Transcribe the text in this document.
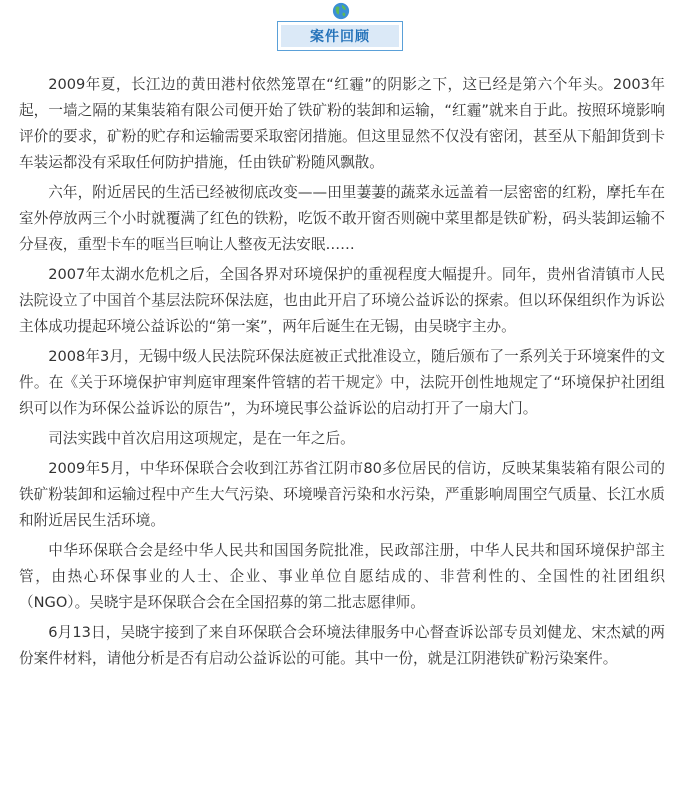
案件回顾

2009年夏，长江边的黄田港村依然笼罩在“红霾”的阴影之下，这已经是第六个年头。2003年起，一墙之隔的某集装箱有限公司便开始了铁矿粉的装卸和运输，“红霾”就来自于此。按照环境影响评价的要求，矿粉的贮存和运输需要采取密闭措施。但这里显然不仅没有密闭，甚至从下船卸货到卡车装运都没有采取任何防护措施，任由铁矿粉随风飘散。

六年，附近居民的生活已经被彻底改变——田里萋萋的蔬菜永远盖着一层密密的红粉，摩托车在室外停放两三个小时就覆满了红色的铁粉，吃饭不敢开窗否则碗中菜里都是铁矿粉，码头装卸运输不分昼夜，重型卡车的哐当巨响让人整夜无法安眠……

2007年太湖水危机之后，全国各界对环境保护的重视程度大幅提升。同年，贵州省清镇市人民法院设立了中国首个基层法院环保法庭，也由此开启了环境公益诉讼的探索。但以环保组织作为诉讼主体成功提起环境公益诉讼的“第一案”，两年后诞生在无锡，由吴晓宇主办。

2008年3月，无锡中级人民法院环保法庭被正式批准设立，随后颁布了一系列关于环境案件的文件。在《关于环境保护审判庭审理案件管辖的若干规定》中，法院开创性地规定了“环境保护社团组织可以作为环保公益诉讼的原告”，为环境民事公益诉讼的启动打开了一扇大门。

司法实践中首次启用这项规定，是在一年之后。

2009年5月，中华环保联合会收到江苏省江阴市80多位居民的信访，反映某集装箱有限公司的铁矿粉装卸和运输过程中产生大气污染、环境噪音污染和水污染，严重影响周围空气质量、长江水质和附近居民生活环境。

中华环保联合会是经中华人民共和国国务院批准，民政部注册，中华人民共和国环境保护部主管，由热心环保事业的人士、企业、事业单位自愿结成的、非营利性的、全国性的社团组织（NGO）。吴晓宇是环保联合会在全国招募的第二批志愿律师。

6月13日，吴晓宇接到了来自环保联合会环境法律服务中心督查诉讼部专员刘健龙、宋杰斌的两份案件材料，请他分析是否有启动公益诉讼的可能。其中一份，就是江阴港铁矿粉污染案件。
